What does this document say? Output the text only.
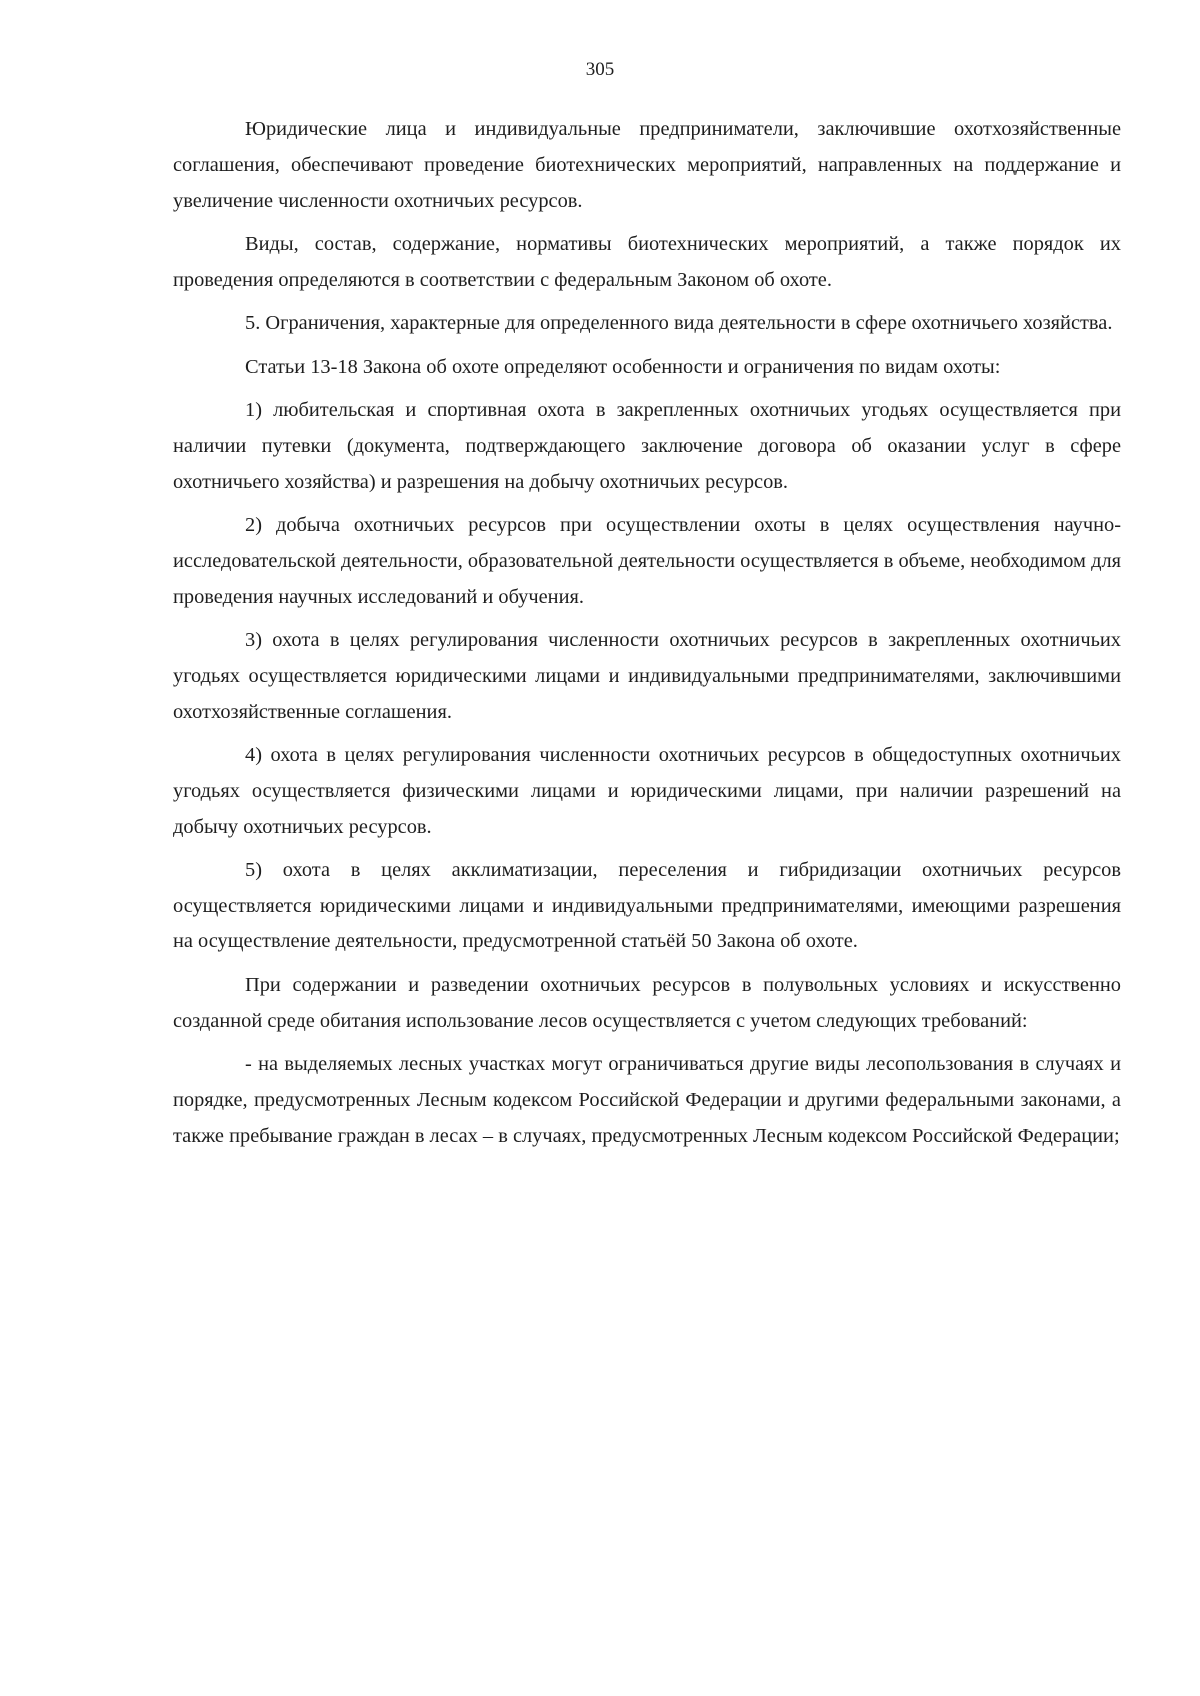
305

Юридические лица и индивидуальные предприниматели, заключившие охотхозяйственные соглашения, обеспечивают проведение биотехнических мероприятий, направленных на поддержание и увеличение численности охотничьих ресурсов.

Виды, состав, содержание, нормативы биотехнических мероприятий, а также порядок их проведения определяются в соответствии с федеральным Законом об охоте.

5. Ограничения, характерные для определенного вида деятельности в сфере охотничьего хозяйства.

Статьи 13-18 Закона об охоте определяют особенности и ограничения по видам охоты:

1) любительская и спортивная охота в закрепленных охотничьих угодьях осуществляется при наличии путевки (документа, подтверждающего заключение договора об оказании услуг в сфере охотничьего хозяйства) и разрешения на добычу охотничьих ресурсов.

2) добыча охотничьих ресурсов при осуществлении охоты в целях осуществления научно-исследовательской деятельности, образовательной деятельности осуществляется в объеме, необходимом для проведения научных исследований и обучения.

3) охота в целях регулирования численности охотничьих ресурсов в закрепленных охотничьих угодьях осуществляется юридическими лицами и индивидуальными предпринимателями, заключившими охотхозяйственные соглашения.

4) охота в целях регулирования численности охотничьих ресурсов в общедоступных охотничьих угодьях осуществляется физическими лицами и юридическими лицами, при наличии разрешений на добычу охотничьих ресурсов.

5) охота в целях акклиматизации, переселения и гибридизации охотничьих ресурсов осуществляется юридическими лицами и индивидуальными предпринимателями, имеющими разрешения на осуществление деятельности, предусмотренной статьёй 50 Закона об охоте.

При содержании и разведении охотничьих ресурсов в полувольных условиях и искусственно созданной среде обитания использование лесов осуществляется с учетом следующих требований:

- на выделяемых лесных участках могут ограничиваться другие виды лесопользования в случаях и порядке, предусмотренных Лесным кодексом Российской Федерации и другими федеральными законами, а также пребывание граждан в лесах – в случаях, предусмотренных Лесным кодексом Российской Федерации;
